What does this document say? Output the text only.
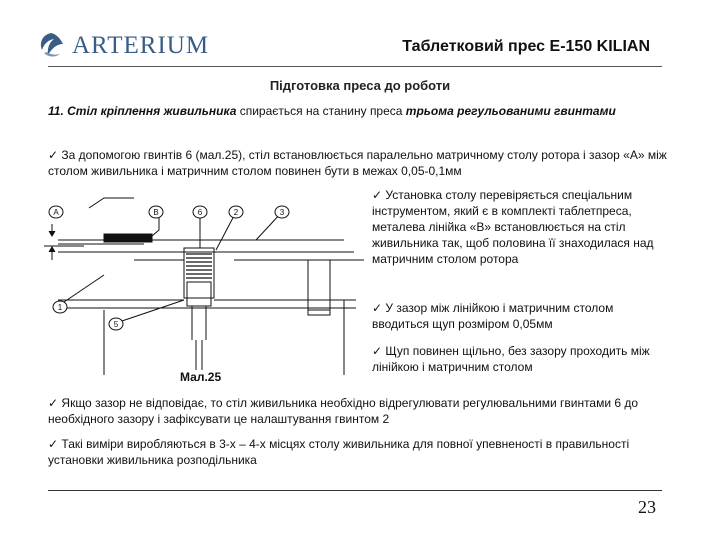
ARTERIUM	Таблетковий прес Е-150 KILIAN
Підготовка преса до роботи
11. Стіл кріплення живильника спирається на станину преса трьома регульованими гвинтами
✓ За допомогою гвинтів 6 (мал.25), стіл встановлюється паралельно матричному столу ротора і зазор «А» між столом живильника і матричним столом повинен бути в межах 0,05-0,1мм
A	B	6	2	3
1
5
Мал.25
✓ Установка столу перевіряється спеціальним інструментом, який є в комплекті таблетпреса, металева лінійка «В» встановлюється на стіл живильника так, щоб половина її знаходилася над матричним столом ротора
✓ У зазор між лінійкою і матричним столом вводиться щуп розміром 0,05мм
✓ Щуп повинен щільно, без зазору проходить між лінійкою і матричним столом
✓ Якщо зазор не відповідає, то стіл живильника необхідно відрегулювати регулювальними гвинтами 6 до необхідного зазору і зафіксувати це налаштування гвинтом 2
✓ Такі виміри виробляються в 3-х – 4-х місцях столу живильника для повної упевненості в правильності установки живильника розподільника
23
